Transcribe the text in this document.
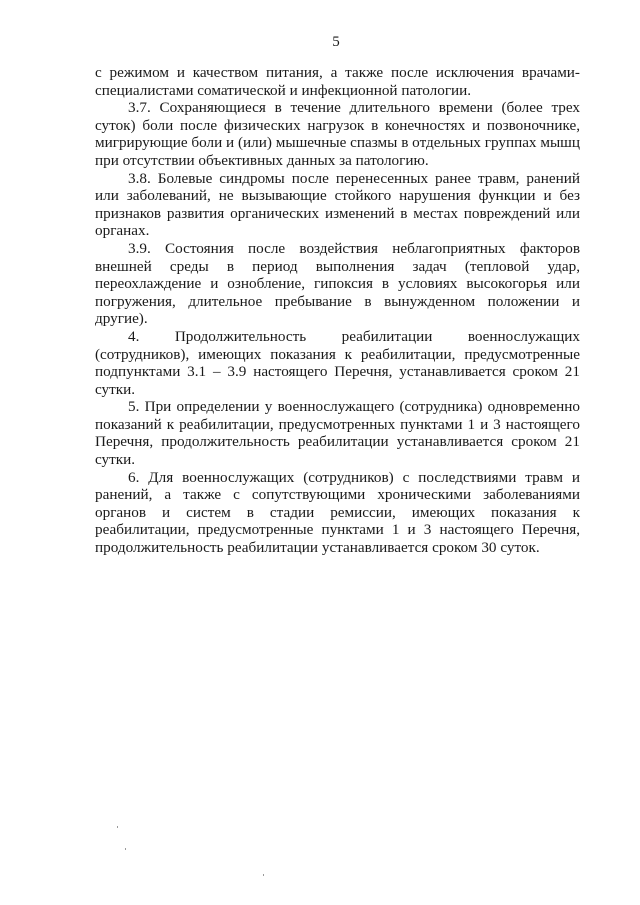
5

с режимом и качеством питания, а также после исключения врачами-специалистами соматической и инфекционной патологии.

3.7. Сохраняющиеся в течение длительного времени (более трех суток) боли после физических нагрузок в конечностях и позвоночнике, мигрирующие боли и (или) мышечные спазмы в отдельных группах мышц при отсутствии объективных данных за патологию.

3.8. Болевые синдромы после перенесенных ранее травм, ранений или заболеваний, не вызывающие стойкого нарушения функции и без признаков развития органических изменений в местах повреждений или органах.

3.9. Состояния после воздействия неблагоприятных факторов внешней среды в период выполнения задач (тепловой удар, переохлаждение и ознобление, гипоксия в условиях высокогорья или погружения, длительное пребывание в вынужденном положении и другие).

4. Продолжительность реабилитации военнослужащих (сотрудников), имеющих показания к реабилитации, предусмотренные подпунктами 3.1 – 3.9 настоящего Перечня, устанавливается сроком 21 сутки.

5. При определении у военнослужащего (сотрудника) одновременно показаний к реабилитации, предусмотренных пунктами 1 и 3 настоящего Перечня, продолжительность реабилитации устанавливается сроком 21 сутки.

6. Для военнослужащих (сотрудников) с последствиями травм и ранений, а также с сопутствующими хроническими заболеваниями органов и систем в стадии ремиссии, имеющих показания к реабилитации, предусмотренные пунктами 1 и 3 настоящего Перечня, продолжительность реабилитации устанавливается сроком 30 суток.
